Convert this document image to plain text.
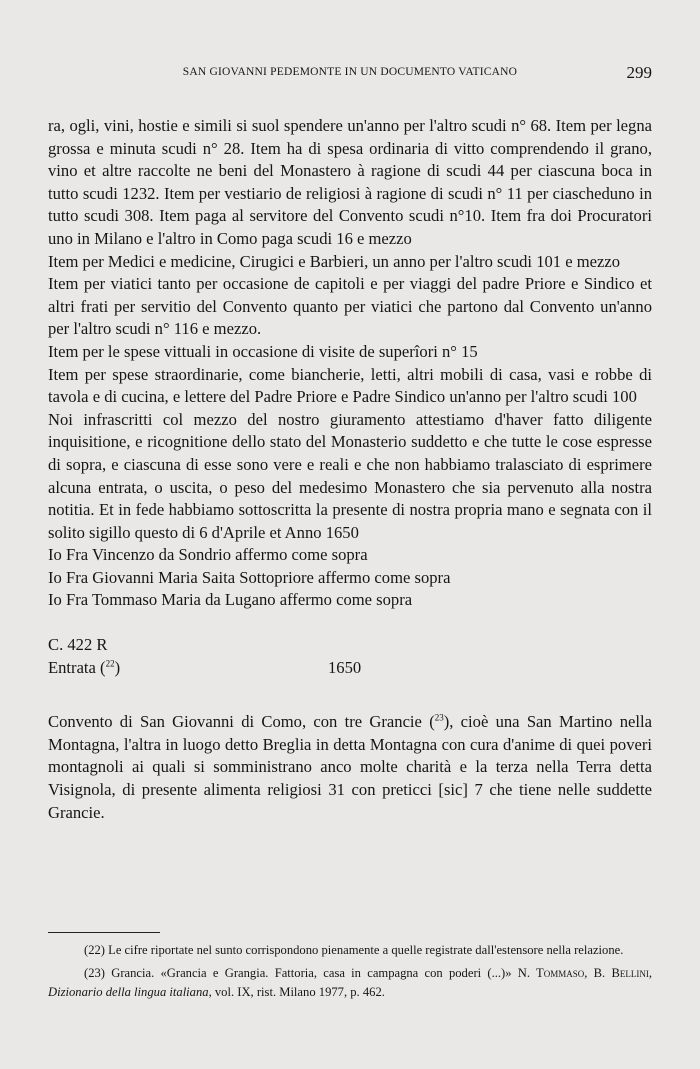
SAN GIOVANNI PEDEMONTE IN UN DOCUMENTO VATICANO	299

ra, ogli, vini, hostie e simili si suol spendere un'anno per l'altro scudi n° 68. Item per legna grossa e minuta scudi n° 28. Item ha di spesa ordinaria di vitto comprendendo il grano, vino et altre raccolte ne beni del Monastero à ragione di scudi 44 per ciascuna boca in tutto scudi 1232. Item per vestiario de religiosi à ragione di scudi n° 11 per ciascheduno in tutto scudi 308. Item paga al servitore del Convento scudi n°10. Item fra doi Procuratori uno in Milano e l'altro in Como paga scudi 16 e mezzo

Item per Medici e medicine, Cirugici e Barbieri, un anno per l'altro scudi 101 e mezzo

Item per viatici tanto per occasione de capitoli e per viaggi del padre Priore e Sindico et altri frati per servitio del Convento quanto per viatici che partono dal Convento un'anno per l'altro scudi n° 116 e mezzo.

Item per le spese vittuali in occasione di visite de superîori n° 15

Item per spese straordinarie, come biancherie, letti, altri mobili di casa, vasi e robbe di tavola e di cucina, e lettere del Padre Priore e Padre Sindico un'anno per l'altro scudi 100

Noi infrascritti col mezzo del nostro giuramento attestiamo d'haver fatto diligente inquisitione, e ricognitione dello stato del Monasterio suddetto e che tutte le cose espresse di sopra, e ciascuna di esse sono vere e reali e che non habbiamo tralasciato di esprimere alcuna entrata, o uscita, o peso del medesimo Monastero che sia pervenuto alla nostra notitia. Et in fede habbiamo sottoscritta la presente di nostra propria mano e segnata con il solito sigillo questo di 6 d'Aprile et Anno 1650

Io Fra Vincenzo da Sondrio affermo come sopra

Io Fra Giovanni Maria Saita Sottopriore affermo come sopra

Io Fra Tommaso Maria da Lugano affermo come sopra

C. 422 R

Entrata ($^{22}$)	1650

Convento di San Giovanni di Como, con tre Grancie ($^{23}$), cioè una San Martino nella Montagna, l'altra in luogo detto Breglia in detta Montagna con cura d'anime di quei poveri montagnoli ai quali si somministrano anco molte charità e la terza nella Terra detta Visignola, di presente alimenta religiosi 31 con preticci [sic] 7 che tiene nelle suddette Grancie.

(22) Le cifre riportate nel sunto corrispondono pienamente a quelle registrate dall'estensore nella relazione.

(23) Grancia. «Grancia e Grangia. Fattoria, casa in campagna con poderi (...)» N. Tommaso, B. Bellini, Dizionario della lingua italiana, vol. IX, rist. Milano 1977, p. 462.
